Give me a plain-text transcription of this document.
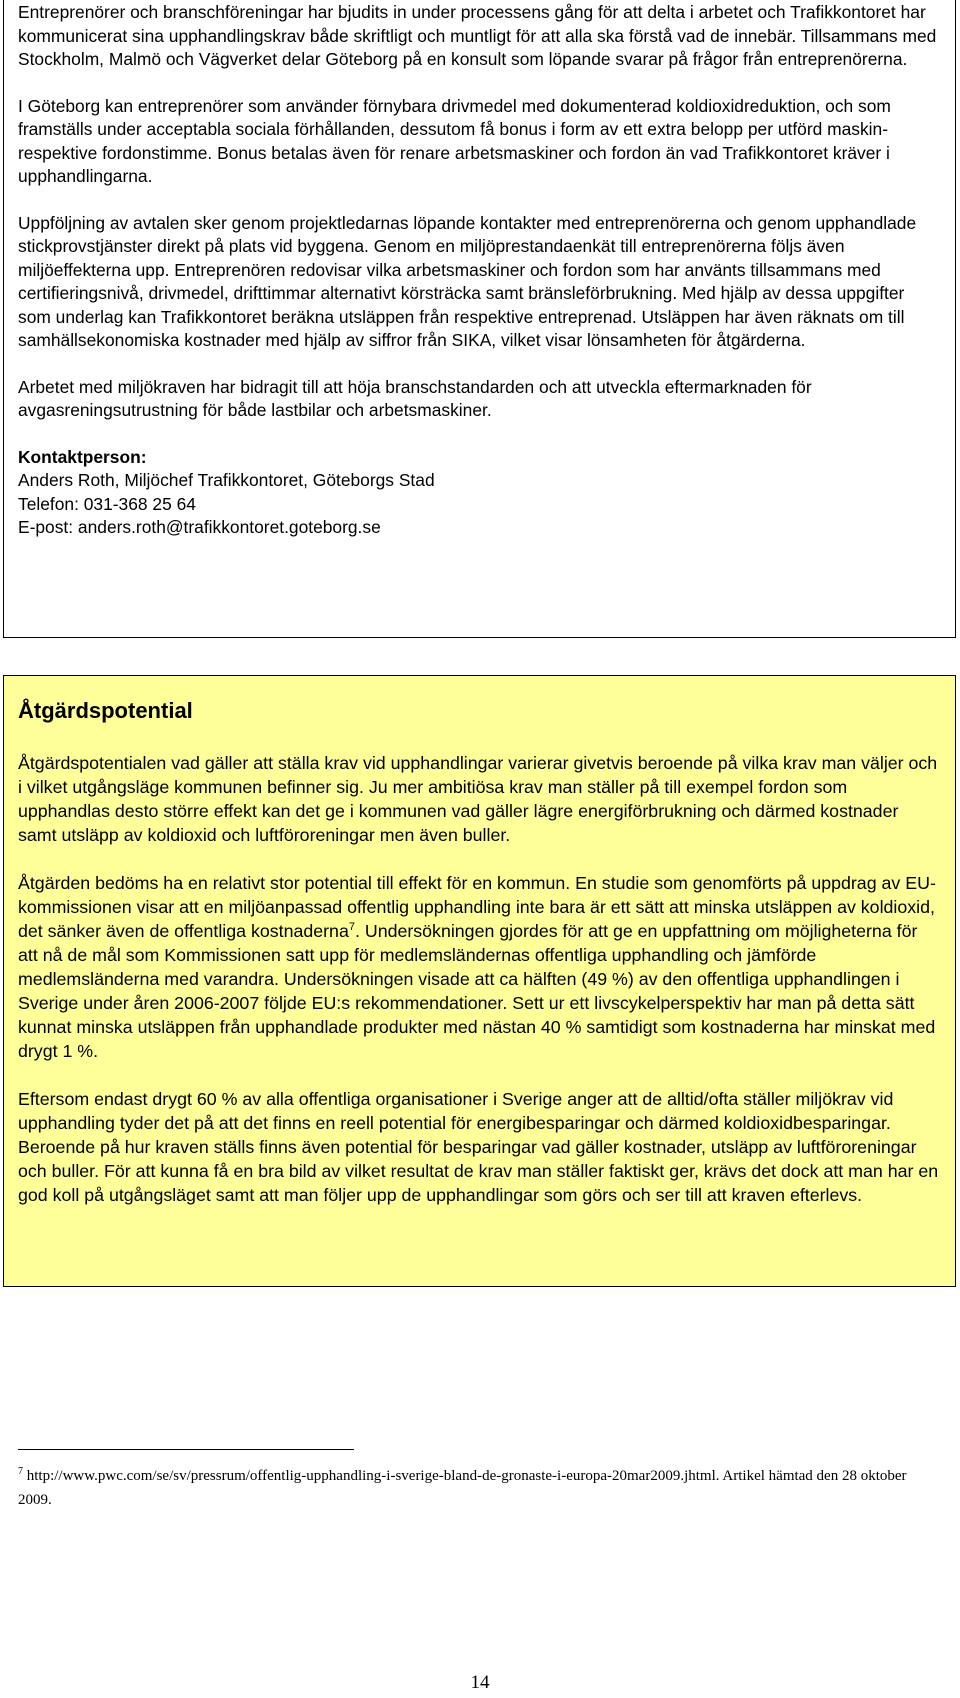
Entreprenörer och branschföreningar har bjudits in under processens gång för att delta i arbetet och Trafikkontoret har kommunicerat sina upphandlingskrav både skriftligt och muntligt för att alla ska förstå vad de innebär. Tillsammans med Stockholm, Malmö och Vägverket delar Göteborg på en konsult som löpande svarar på frågor från entreprenörerna.

I Göteborg kan entreprenörer som använder förnybara drivmedel med dokumenterad koldioxidreduktion, och som framställs under acceptabla sociala förhållanden, dessutom få bonus i form av ett extra belopp per utförd maskin- respektive fordonstimme. Bonus betalas även för renare arbetsmaskiner och fordon än vad Trafikkontoret kräver i upphandlingarna.

Uppföljning av avtalen sker genom projektledarnas löpande kontakter med entreprenörerna och genom upphandlade stickprovstjänster direkt på plats vid byggena. Genom en miljöprestandaenkät till entreprenörerna följs även miljöeffekterna upp. Entreprenören redovisar vilka arbetsmaskiner och fordon som har använts tillsammans med certifieringsnivå, drivmedel, drifttimmar alternativt körsträcka samt bränsleförbrukning. Med hjälp av dessa uppgifter som underlag kan Trafikkontoret beräkna utsläppen från respektive entreprenad. Utsläppen har även räknats om till samhällsekonomiska kostnader med hjälp av siffror från SIKA, vilket visar lönsamheten för åtgärderna.

Arbetet med miljökraven har bidragit till att höja branschstandarden och att utveckla eftermarknaden för avgasreningsutrustning för både lastbilar och arbetsmaskiner.

Kontaktperson:
Anders Roth, Miljöchef Trafikkontoret, Göteborgs Stad
Telefon: 031-368 25 64
E-post: anders.roth@trafikkontoret.goteborg.se
Åtgärdspotential

Åtgärdspotentialen vad gäller att ställa krav vid upphandlingar varierar givetvis beroende på vilka krav man väljer och i vilket utgångsläge kommunen befinner sig. Ju mer ambitiösa krav man ställer på till exempel fordon som upphandlas desto större effekt kan det ge i kommunen vad gäller lägre energiförbrukning och därmed kostnader samt utsläpp av koldioxid och luftföroreningar men även buller.

Åtgärden bedöms ha en relativt stor potential till effekt för en kommun. En studie som genomförts på uppdrag av EU-kommissionen visar att en miljöanpassad offentlig upphandling inte bara är ett sätt att minska utsläppen av koldioxid, det sänker även de offentliga kostnaderna$^7$. Undersökningen gjordes för att ge en uppfattning om möjligheterna för att nå de mål som Kommissionen satt upp för medlemsländernas offentliga upphandling och jämförde medlemsländerna med varandra. Undersökningen visade att ca hälften (49 %) av den offentliga upphandlingen i Sverige under åren 2006-2007 följde EU:s rekommendationer. Sett ur ett livscykelperspektiv har man på detta sätt kunnat minska utsläppen från upphandlade produkter med nästan 40 % samtidigt som kostnaderna har minskat med drygt 1 %.

Eftersom endast drygt 60 % av alla offentliga organisationer i Sverige anger att de alltid/ofta ställer miljökrav vid upphandling tyder det på att det finns en reell potential för energibesparingar och därmed koldioxidbesparingar. Beroende på hur kraven ställs finns även potential för besparingar vad gäller kostnader, utsläpp av luftföroreningar och buller. För att kunna få en bra bild av vilket resultat de krav man ställer faktiskt ger, krävs det dock att man har en god koll på utgångsläget samt att man följer upp de upphandlingar som görs och ser till att kraven efterlevs.

$^7$ http://www.pwc.com/se/sv/pressrum/offentlig-upphandling-i-sverige-bland-de-gronaste-i-europa-20mar2009.jhtml. Artikel hämtad den 28 oktober 2009.
14
